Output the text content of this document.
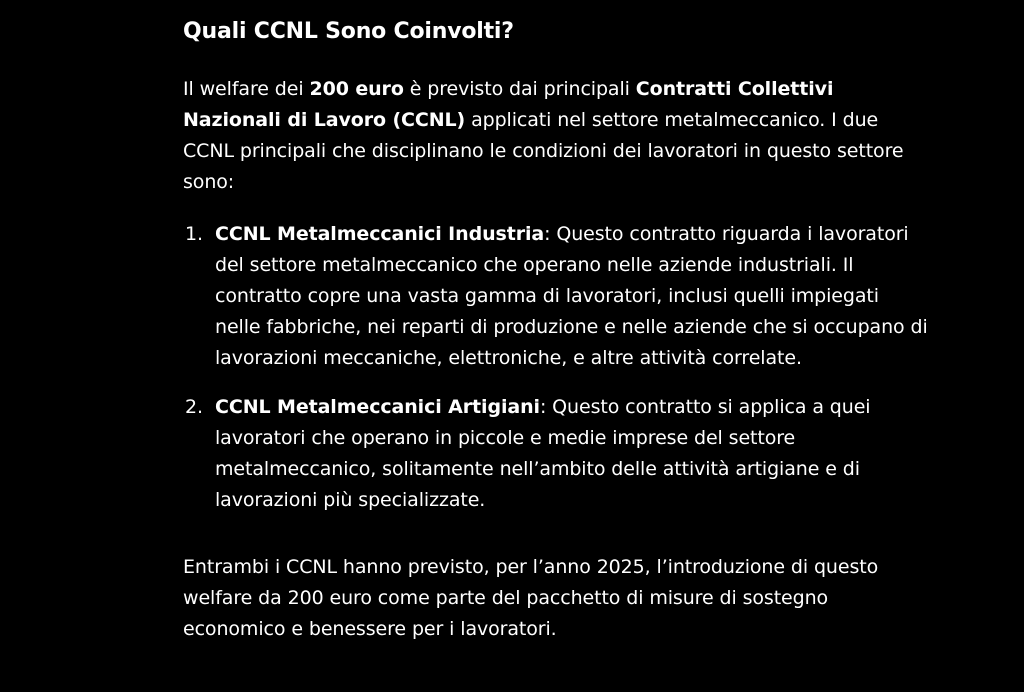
Quali CCNL Sono Coinvolti?

Il welfare dei 200 euro è previsto dai principali Contratti Collettivi Nazionali di Lavoro (CCNL) applicati nel settore metalmeccanico. I due CCNL principali che disciplinano le condizioni dei lavoratori in questo settore sono:

1. CCNL Metalmeccanici Industria: Questo contratto riguarda i lavoratori del settore metalmeccanico che operano nelle aziende industriali. Il contratto copre una vasta gamma di lavoratori, inclusi quelli impiegati nelle fabbriche, nei reparti di produzione e nelle aziende che si occupano di lavorazioni meccaniche, elettroniche, e altre attività correlate.
2. CCNL Metalmeccanici Artigiani: Questo contratto si applica a quei lavoratori che operano in piccole e medie imprese del settore metalmeccanico, solitamente nell’ambito delle attività artigiane e di lavorazioni più specializzate.

Entrambi i CCNL hanno previsto, per l’anno 2025, l’introduzione di questo welfare da 200 euro come parte del pacchetto di misure di sostegno economico e benessere per i lavoratori.
